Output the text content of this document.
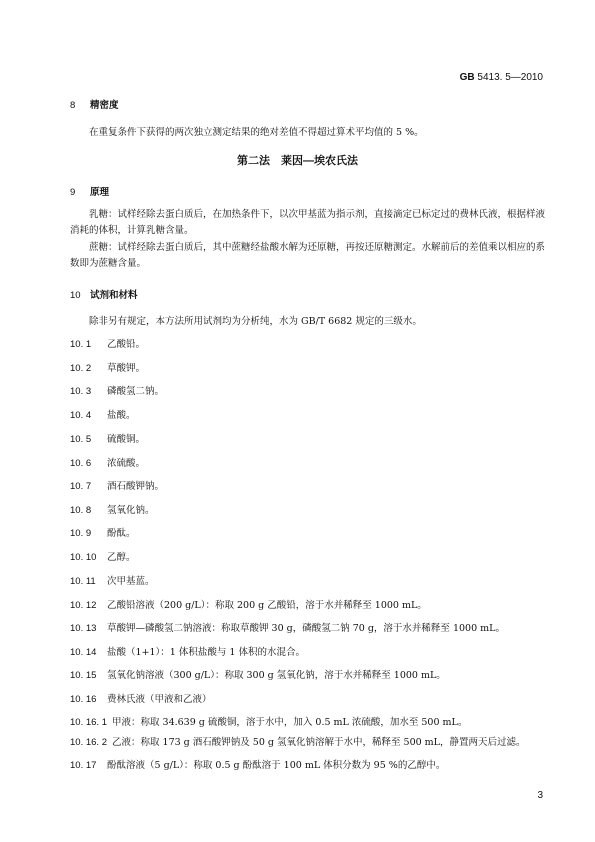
GB 5413. 5—2010
8 精密度
在重复条件下获得的两次独立测定结果的绝对差值不得超过算术平均值的 5 %。
第二法　莱因—埃农氏法
9 原理
乳糖：试样经除去蛋白质后，在加热条件下，以次甲基蓝为指示剂，直接滴定已标定过的费林氏液，根据样液消耗的体积，计算乳糖含量。
蔗糖：试样经除去蛋白质后，其中蔗糖经盐酸水解为还原糖，再按还原糖测定。水解前后的差值乘以相应的系数即为蔗糖含量。
10 试剂和材料
除非另有规定，本方法所用试剂均为分析纯，水为 GB/T 6682 规定的三级水。
10. 1 乙酸铅。
10. 2 草酸钾。
10. 3 磷酸氢二钠。
10. 4 盐酸。
10. 5 硫酸铜。
10. 6 浓硫酸。
10. 7 酒石酸钾钠。
10. 8 氢氧化钠。
10. 9 酚酞。
10. 10 乙醇。
10. 11 次甲基蓝。
10. 12 乙酸铅溶液（200 g/L）：称取 200 g 乙酸铅，溶于水并稀释至 1000 mL。
10. 13 草酸钾—磷酸氢二钠溶液：称取草酸钾 30 g，磷酸氢二钠 70 g，溶于水并稀释至 1000 mL。
10. 14 盐酸（1+1）：1 体积盐酸与 1 体积的水混合。
10. 15 氢氧化钠溶液（300 g/L）：称取 300 g 氢氧化钠，溶于水并稀释至 1000 mL。
10. 16 费林氏液（甲液和乙液）
10. 16. 1 甲液：称取 34.639 g 硫酸铜，溶于水中，加入 0.5 mL 浓硫酸，加水至 500 mL。
10. 16. 2 乙液：称取 173 g 酒石酸钾钠及 50 g 氢氧化钠溶解于水中，稀释至 500 mL，静置两天后过滤。
10. 17 酚酞溶液（5 g/L）：称取 0.5 g 酚酞溶于 100 mL 体积分数为 95 %的乙醇中。
3
